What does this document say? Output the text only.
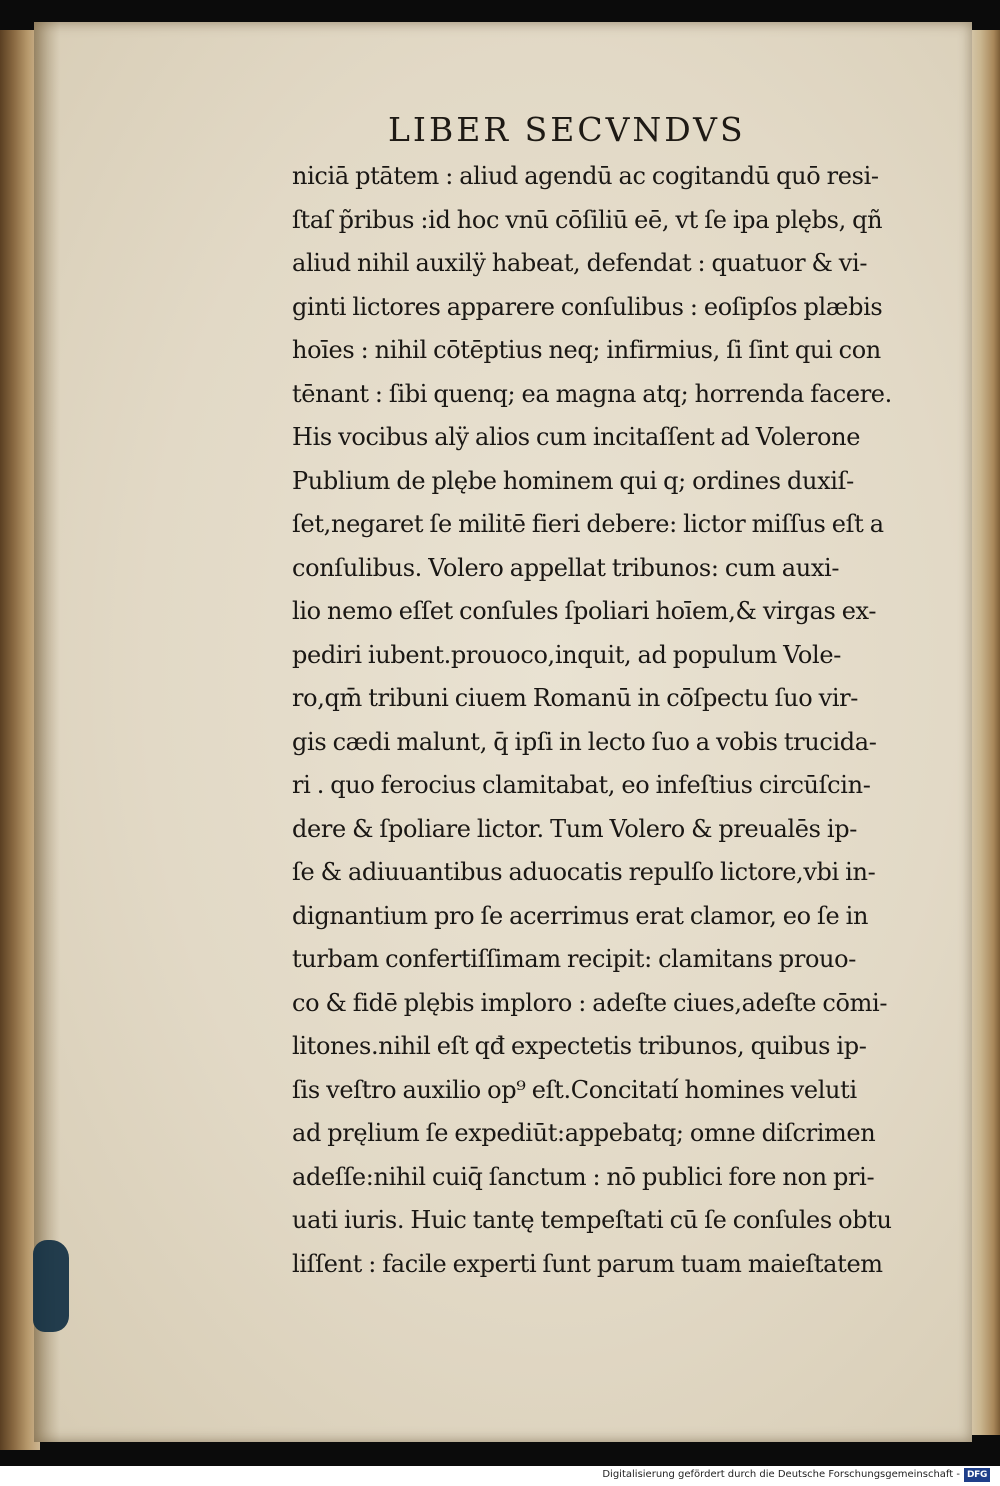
LIBER SECVNDVS
niciā ptātem : aliud agendū ac cogitandū quō resi-
ſtaſ p̃ribus :id hoc vnū cōſiliū eē, vt ſe ipa plębs, qñ
aliud nihil auxilÿ habeat, defendat : quatuor & vi-
ginti lictores apparere conſulibus : eoſipſos plæbis
hoīes : nihil cōtēptius neq; infirmius, ſi ſint qui con
tēnant : ſibi quenq; ea magna atq; horrenda facere.
His vocibus alÿ alios cum incitaſſent ad Volerone
Publium de plębe hominem qui q; ordines duxiſ-
ſet,negaret ſe militē fieri debere: lictor miſſus eſt a
conſulibus. Volero appellat tribunos: cum auxi-
lio nemo eſſet conſules ſpoliari hoīem,& virgas ex-
pediri iubent.prouoco,inquit, ad populum Vole-
ro,qm̄ tribuni ciuem Romanū in cōſpectu ſuo vir-
gis cædi malunt, q̄ ipſi in lecto ſuo a vobis trucida-
ri . quo ferocius clamitabat, eo infeſtius circūſcin-
dere & ſpoliare lictor. Tum Volero & preualēs ip-
ſe & adiuuantibus aduocatis repulſo lictore,vbi in-
dignantium pro ſe acerrimus erat clamor, eo ſe in
turbam confertiſſimam recipit: clamitans prouo-
co & fidē plębis imploro : adeſte ciues,adeſte cōmi-
litones.nihil eſt qđ expectetis tribunos, quibus ip-
ſis veſtro auxilio op⁹ eſt.Concitatí homines veluti
ad pręlium ſe expediūt:appebatq; omne diſcrimen
adeſſe:nihil cuiq̄ ſanctum : nō publici fore non pri-
uati iuris. Huic tantę tempeſtati cū ſe conſules obtu
liſſent : facile experti ſunt parum tuam maieſtatem
Digitalisierung gefördert durch die Deutsche Forschungsgemeinschaft - DFG
